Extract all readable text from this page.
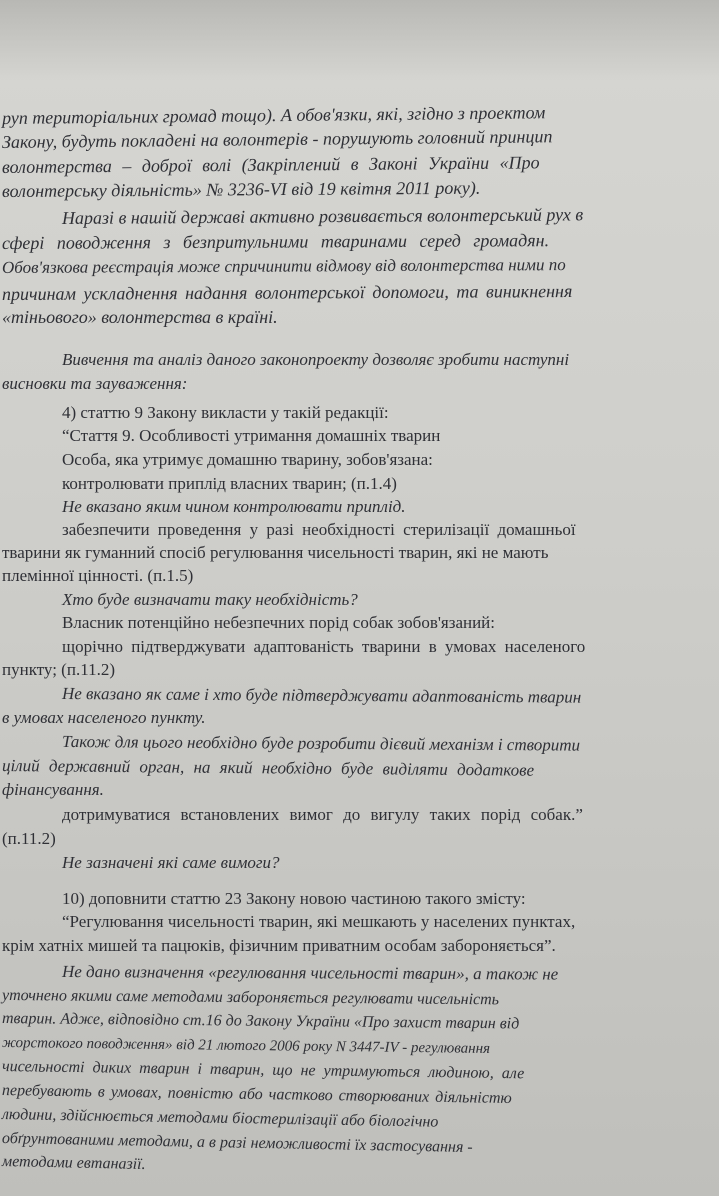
руп територіальних громад тощо). А обов'язки, які, згідно з проектом
Закону, будуть покладені на волонтерів - порушують головний принцип
волонтерства – доброї волі (Закріплений в Законі України «Про
волонтерську діяльність» № 3236-VI від 19 квітня 2011 року).
Наразі в нашій державі активно розвивається волонтерський рух в
сфері поводження з безпритульними тваринами серед громадян.
Обов'язкова реєстрація може спричинити відмову від волонтерства ними по
причинам ускладнення надання волонтерської допомоги, та виникнення
«тіньового» волонтерства в країні.
Вивчення та аналіз даного законопроекту дозволяє зробити наступні
висновки та зауваження:
4) статтю 9 Закону викласти у такій редакції:
“Стаття 9. Особливості утримання домашніх тварин
Особа, яка утримує домашню тварину, зобов'язана:
контролювати приплід власних тварин; (п.1.4)
Не вказано яким чином контролювати приплід.
забезпечити проведення у разі необхідності стерилізації домашньої
тварини як гуманний спосіб регулювання чисельності тварин, які не мають
племінної цінності. (п.1.5)
Хто буде визначати таку необхідність?
Власник потенційно небезпечних порід собак зобов'язаний:
щорічно підтверджувати адаптованість тварини в умовах населеного
пункту; (п.11.2)
Не вказано як саме і хто буде підтверджувати адаптованість тварин
в умовах населеного пункту.
Також для цього необхідно буде розробити дієвий механізм і створити
цілий державний орган, на який необхідно буде виділяти додаткове
фінансування.
дотримуватися встановлених вимог до вигулу таких порід собак.”
(п.11.2)
Не зазначені які саме вимоги?
10) доповнити статтю 23 Закону новою частиною такого змісту:
“Регулювання чисельності тварин, які мешкають у населених пунктах,
крім хатніх мишей та пацюків, фізичним приватним особам забороняється”.
Не дано визначення «регулювання чисельності тварин», а також не
уточнено якими саме методами забороняється регулювати чисельність
тварин. Адже, відповідно ст.16 до Закону України «Про захист тварин від
жорстокого поводження» від 21 лютого 2006 року N 3447-IV - регулювання
чисельності диких тварин і тварин, що не утримуються людиною, але
перебувають в умовах, повністю або частково створюваних діяльністю
людини, здійснюється методами біостерилізації або біологічно
обґрунтованими методами, а в разі неможливості їх застосування -
методами евтаназії.
